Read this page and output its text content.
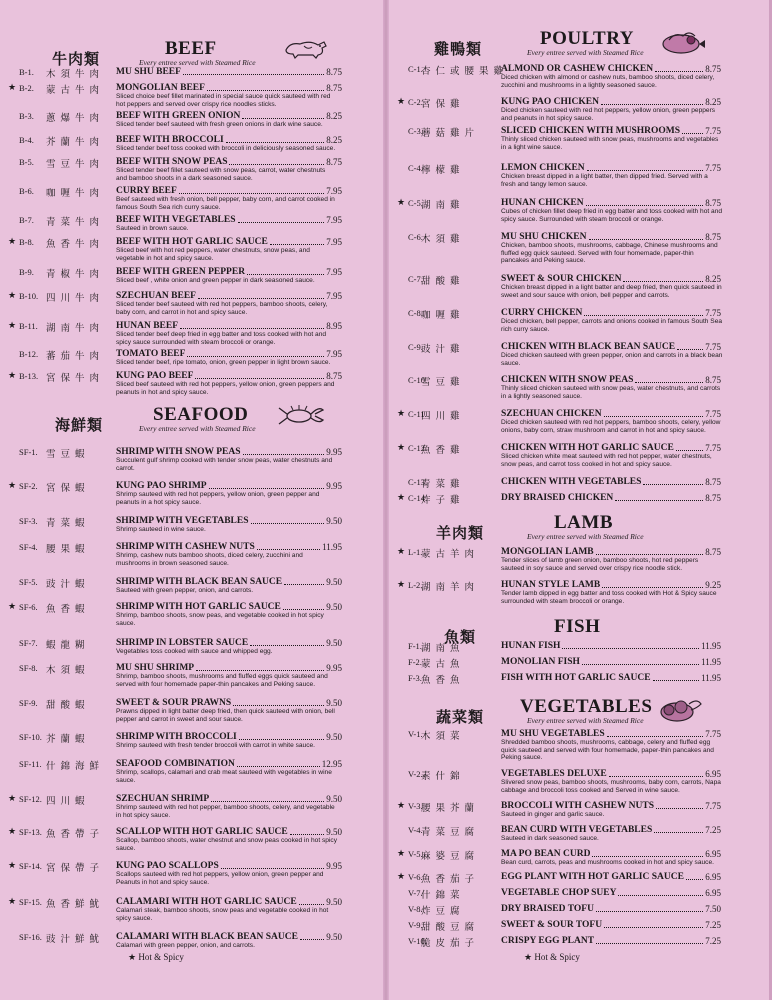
牛肉類	BEEF
Every entree served with Steamed Rice
B-1. 木須牛肉 MU SHU BEEF	8.75
★ B-2. 蒙古牛肉 MONGOLIAN BEEF	8.75
Sliced choice beef fillet marinated in special sauce quick sauteed with red hot peppers and served over crispy rice noodles sticks.
B-3. 蔥爆牛肉 BEEF WITH GREEN ONION	8.25
Sliced tender beef sauteed with fresh green onions in dark wine sauce.
B-4. 芥蘭牛肉 BEEF WITH BROCCOLI	8.25
Sliced tender beef toss cooked with broccoli in deliciously seasoned sauce.
B-5. 雪豆牛肉 BEEF WITH SNOW PEAS	8.75
Sliced tender beef fillet sauteed with snow peas, carrot, water chestnuts and bamboo shoots in a dark seasoned sauce.
B-6. 咖喱牛肉 CURRY BEEF	7.95
Beef sauteed with fresh onion, bell pepper, baby corn, and carrot cooked in famous South Sea rich curry sauce.
B-7. 青菜牛肉 BEEF WITH VEGETABLES	7.95
Sauteed in brown sauce.
★ B-8. 魚香牛肉 BEEF WITH HOT GARLIC SAUCE	7.95
Sliced beef with hot red peppers, water chestnuts, snow peas, and vegetable in hot and spicy sauce.
B-9. 青椒牛肉 BEEF WITH GREEN PEPPER	7.95
Sliced beef , white onion and green pepper in dark seasoned sauce.
★ B-10. 四川牛肉 SZECHUAN BEEF	7.95
Sliced tender beef sauteed with red hot peppers, bamboo shoots, celery, baby corn, and carrot in hot and spicy sauce.
★ B-11. 湖南牛肉 HUNAN BEEF	8.95
Sliced tender beef deep fried in egg batter and toss cooked with hot and spicy sauce surrounded with steam broccoli or orange.
B-12. 蕃茄牛肉 TOMATO BEEF	7.95
Sliced tender beef, ripe tomato, onion, green pepper in light brown sauce.
★ B-13. 宮保牛肉 KUNG PAO BEEF	8.75
Sliced beef sauteed with red hot peppers, yellow onion, green peppers and peanuts in hot and spicy sauce.
海鮮類	SEAFOOD
Every entree served with Steamed Rice
SF-1. 雪豆蝦	SHRIMP WITH SNOW PEAS	9.95
Succulent gulf shrimp cooked with tender snow peas, water chestnuts and carrot.
★ SF-2. 宮保蝦	KUNG PAO SHRIMP	9.95
Shrimp sauteed with red hot peppers, yellow onion, green pepper and peanuts in a hot spicy sauce.
SF-3. 青菜蝦	SHRIMP WITH VEGETABLES	9.50
Shrimp sauteed in wine sauce.
SF-4. 腰果蝦	SHRIMP WITH CASHEW NUTS	11.95
Shrimp, cashew nuts bamboo shoots, diced celery, zucchini and mushrooms in brown seasoned sauce.
SF-5. 豉汁蝦	SHRIMP WITH BLACK BEAN SAUCE	9.50
Sauteed with green pepper, onion, and carrots.
★ SF-6. 魚香蝦	SHRIMP WITH HOT GARLIC SAUCE	9.50
Shrimp, bamboo shoots, snow peas, and vegetable cooked in hot spicy sauce.
SF-7. 蝦龍糊	SHRIMP IN LOBSTER SAUCE	9.50
Vegetables toss cooked with sauce and whipped egg.
SF-8. 木須蝦	MU SHU SHRIMP	9.95
Shrimp, bamboo shoots, mushrooms and fluffed eggs quick sauteed and served with four homemade paper-thin pancakes and Peking sauce.
SF-9. 甜酸蝦	SWEET & SOUR PRAWNS	9.50
Prawns dipped in light batter deep fried, then quick sauteed with onion, bell pepper and carrot in sweet and sour sauce.
SF-10. 芥蘭蝦	SHRIMP WITH BROCCOLI	9.50
Shrimp sauteed with fresh tender broccoli with carrot in white sauce.
SF-11. 什錦海鮮 SEAFOOD COMBINATION	12.95
Shrimp, scallops, calamari and crab meat sauteed with vegetables in wine sauce.
★ SF-12. 四川蝦	SZECHUAN SHRIMP	9.50
Shrimp sauteed with red hot pepper, bamboo shoots, celery, and vegetable in hot spicy sauce.
★ SF-13. 魚香帶子 SCALLOP WITH HOT GARLIC SAUCE	9.50
Scallop, bamboo shoots, water chestnut and snow peas cooked in hot spicy sauce.
★ SF-14. 宮保帶子 KUNG PAO SCALLOPS	9.95
Scallops sauteed with red hot peppers, yellow onion, green pepper and Peanuts in hot and spicy sauce.
★ SF-15. 魚香鮮魷 CALAMARI WITH HOT GARLIC SAUCE	9.50
Calamari steak, bamboo shoots, snow peas and vegetable cooked in hot spicy sauce.
SF-16. 豉汁鮮魷 CALAMARI WITH BLACK BEAN SAUCE	9.50
Calamari with green pepper, onion, and carrots.
★ Hot & Spicy
雞鴨類	POULTRY
Every entree served with Steamed Rice
C-1.
杏仁或腰果雞
ALMOND OR CASHEW CHICKEN	8.75
Diced chicken with almond or cashew nuts, bamboo shoots, diced celery, zucchini and mushrooms in a lightly seasoned sauce.
★ C-2.
宮保雞	KUNG PAO CHICKEN	8.25
Diced chicken sauteed with red hot peppers, yellow onion, green peppers and peanuts in hot spicy sauce.
C-3.
蘑菇雞片 SLICED CHICKEN WITH MUSHROOMS	7.75
Thinly sliced chicken sauteed with snow peas, mushrooms and vegetables in a light wine sauce.
C-4.
檸檬雞	LEMON CHICKEN	7.75
Chicken breast dipped in a light batter, then dipped fried. Served with a fresh and tangy lemon sauce.
★ C-5.
湖南雞	HUNAN CHICKEN	8.75
Cubes of chicken fillet deep fried in egg batter and toss cooked with hot and spicy sauce. Surrounded with steam broccoli or orange.
C-6.
木須雞	MU SHU CHICKEN	8.75
Chicken, bamboo shoots, mushrooms, cabbage, Chinese mushrooms and fluffed egg quick sauteed. Served with four homemade, paper-thin pancakes and Peking sauce.
C-7.
甜酸雞	SWEET & SOUR CHICKEN	8.25
Chicken breast dipped in a light batter and deep fried, then quick sauteed in sweet and sour sauce with onion, bell pepper and carrots.
C-8.
咖喱雞	CURRY CHICKEN	7.75
Diced chicken, bell pepper, carrots and onions cooked in famous South Sea rich curry sauce.
C-9.
豉汁雞	CHICKEN WITH BLACK BEAN SAUCE	7.75
Diced chicken sauteed with green pepper, onion and carrots in a black bean sauce.
C-10.
雪豆雞	CHICKEN WITH SNOW PEAS	8.75
Thinly sliced chicken sauteed with snow peas, water chestnuts, and carrots in a lightly seasoned sauce.
★ C-11.
四川雞	SZECHUAN CHICKEN	7.75
Diced chicken sauteed with red hot peppers, bamboo shoots, celery, yellow onions, baby corn, straw mushroom and carrot in hot and spicy sauce.
★ C-12.
魚香雞	CHICKEN WITH HOT GARLIC SAUCE	7.75
Sliced chicken white meat sauteed with red hot pepper, water chestnuts, snow peas, and carrot toss cooked in hot and spicy sauce.
C-13.
青菜雞	CHICKEN WITH VEGETABLES	8.75
★ C-14.
炸子雞	DRY BRAISED CHICKEN	8.75
羊肉類	LAMB
Every entree served with Steamed Rice
★ L-1.
蒙古羊肉 MONGOLIAN LAMB	8.75
Tender slices of lamb green onion, bamboo shoots, hot red peppers sauteed in soy sauce and served over crispy rice noodle stick.
★ L-2.
湖南羊肉 HUNAN STYLE LAMB	9.25
Tender lamb dipped in egg batter and toss cooked with Hot & Spicy sauce surrounded with steam broccoli or orange.
魚類	FISH
F-1. 湖南魚	HUNAN FISH	11.95
F-2. 蒙古魚	MONOLIAN FISH	11.95
F-3. 魚香魚	FISH WITH HOT GARLIC SAUCE	11.95
蔬菜類 VEGETABLES
Every entree served with Steamed Rice
V-1.
木須菜	MU SHU VEGETABLES	7.75
Shredded bamboo shoots, mushrooms, cabbage, celery and fluffed egg quick sauteed and served with four homemade, paper-thin pancakes and Peking sauce.
V-2.
素什錦	VEGETABLES DELUXE	6.95
Slivered snow peas, bamboo shoots, mushrooms, baby corn, carrots, Napa cabbage and broccoli toss cooked and Served in wine sauce.
★ V-3.
腰果芥蘭 BROCCOLI WITH CASHEW NUTS	7.75
Sauteed in ginger and garlic sauce.
V-4.
青菜豆腐 BEAN CURD WITH VEGETABLES	7.25
Sauteed in dark seasoned sauce.
★ V-5.
麻婆豆腐 MA PO BEAN CURD	6.95
Bean curd, carrots, peas and mushrooms cooked in hot and spicy sauce.
★ V-6.
魚香茄子 EGG PLANT WITH HOT GARLIC SAUCE 6.95
V-7.
什錦菜	VEGETABLE CHOP SUEY	6.95
V-8.
炸豆腐	DRY BRAISED TOFU	7.50
V-9.
甜酸豆腐 SWEET & SOUR TOFU	7.25
V-10.
脆皮茄子 CRISPY EGG PLANT	7.25
★ Hot & Spicy
